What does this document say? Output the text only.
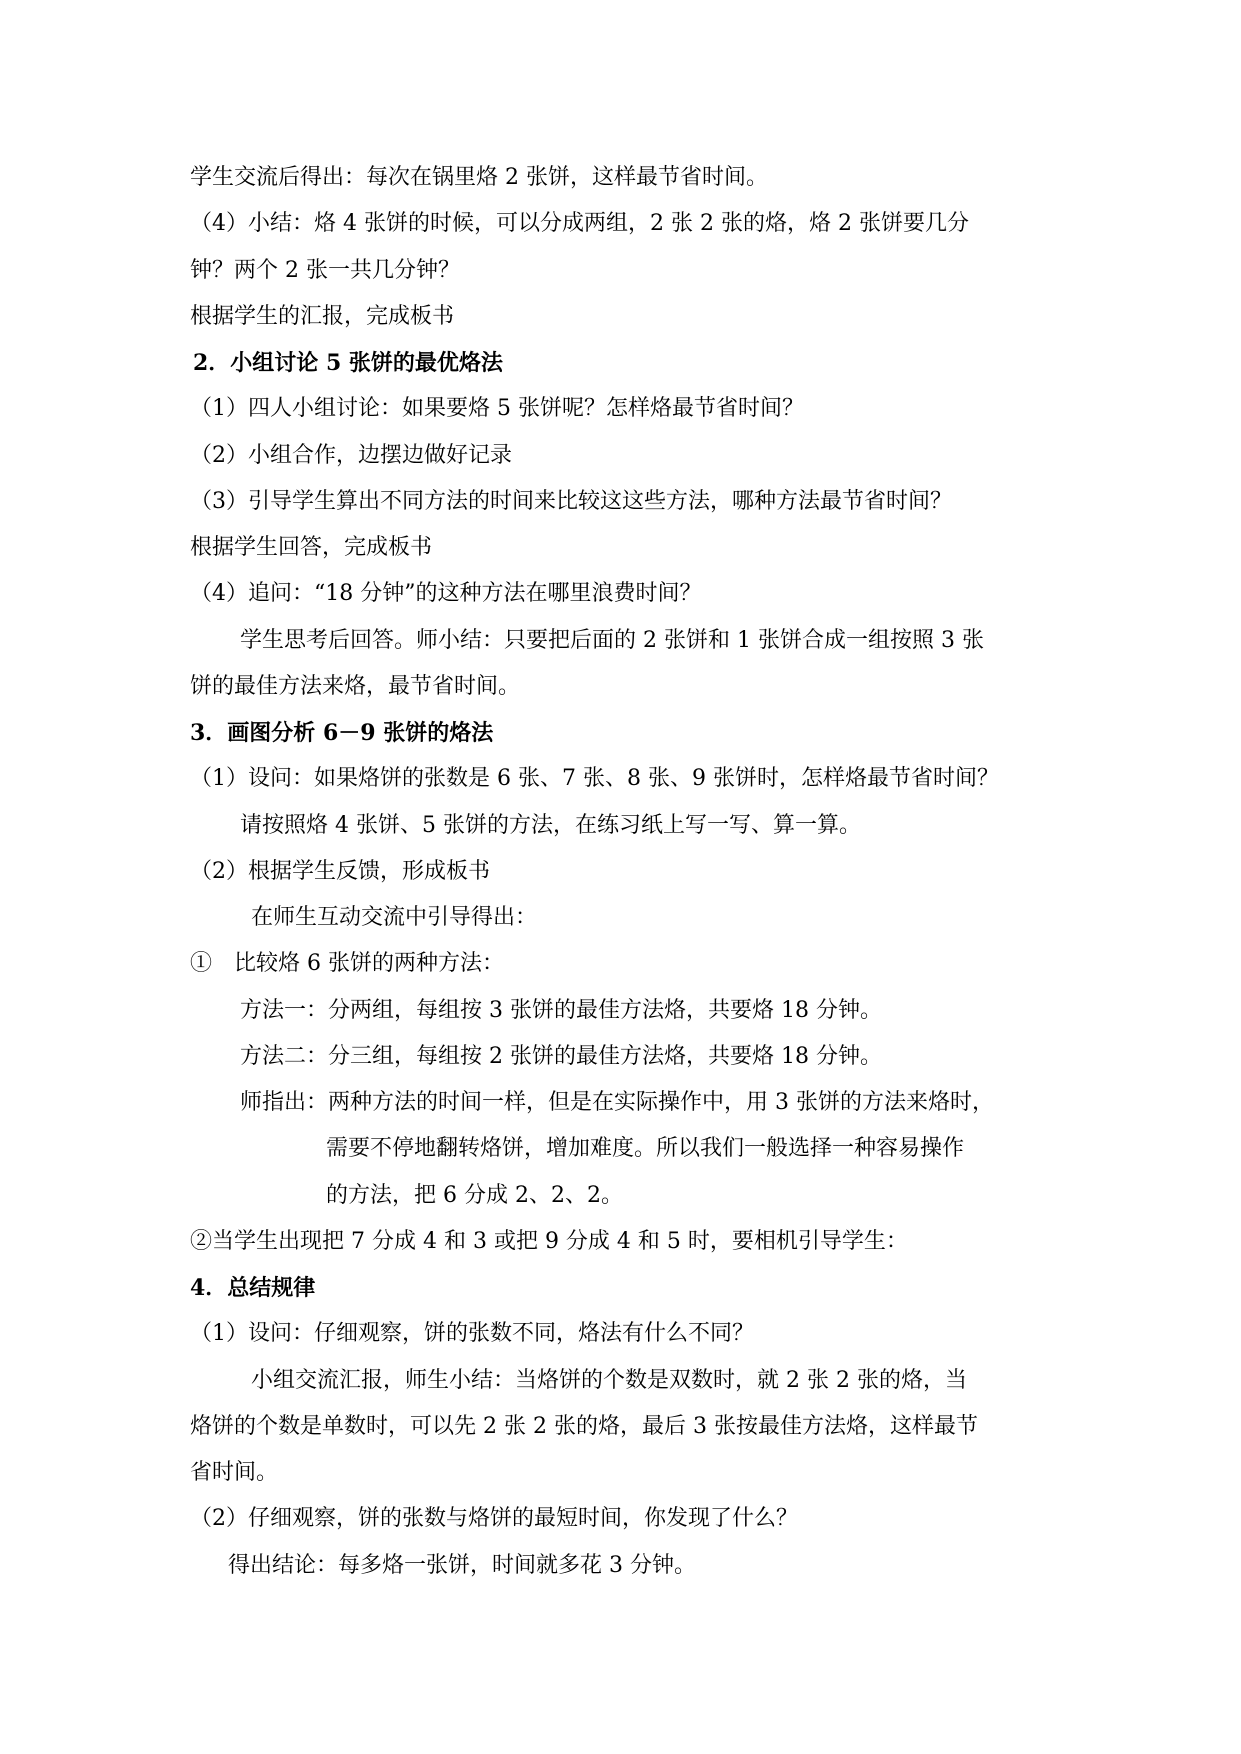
学生交流后得出：每次在锅里烙 2 张饼，这样最节省时间。
（4）小结：烙 4 张饼的时候，可以分成两组，2 张 2 张的烙，烙 2 张饼要几分
钟？两个 2 张一共几分钟？
根据学生的汇报，完成板书
2．小组讨论 5 张饼的最优烙法
（1）四人小组讨论：如果要烙 5 张饼呢？怎样烙最节省时间？
（2）小组合作，边摆边做好记录
（3）引导学生算出不同方法的时间来比较这这些方法，哪种方法最节省时间？
根据学生回答，完成板书
（4）追问：“18 分钟”的这种方法在哪里浪费时间？
学生思考后回答。师小结：只要把后面的 2 张饼和 1 张饼合成一组按照 3 张
饼的最佳方法来烙，最节省时间。
3．画图分析 6－9 张饼的烙法
（1）设问：如果烙饼的张数是 6 张、7 张、8 张、9 张饼时，怎样烙最节省时间？
请按照烙 4 张饼、5 张饼的方法，在练习纸上写一写、算一算。
（2）根据学生反馈，形成板书
在师生互动交流中引导得出：
①　比较烙 6 张饼的两种方法：
方法一：分两组，每组按 3 张饼的最佳方法烙，共要烙 18 分钟。
方法二：分三组，每组按 2 张饼的最佳方法烙，共要烙 18 分钟。
师指出：两种方法的时间一样，但是在实际操作中，用 3 张饼的方法来烙时，
需要不停地翻转烙饼，增加难度。所以我们一般选择一种容易操作
的方法，把 6 分成 2、2、2。
②当学生出现把 7 分成 4 和 3 或把 9 分成 4 和 5 时，要相机引导学生：
4．总结规律
（1）设问：仔细观察，饼的张数不同，烙法有什么不同？
小组交流汇报，师生小结：当烙饼的个数是双数时，就 2 张 2 张的烙，当
烙饼的个数是单数时，可以先 2 张 2 张的烙，最后 3 张按最佳方法烙，这样最节
省时间。
（2）仔细观察，饼的张数与烙饼的最短时间，你发现了什么？
得出结论：每多烙一张饼，时间就多花 3 分钟。
